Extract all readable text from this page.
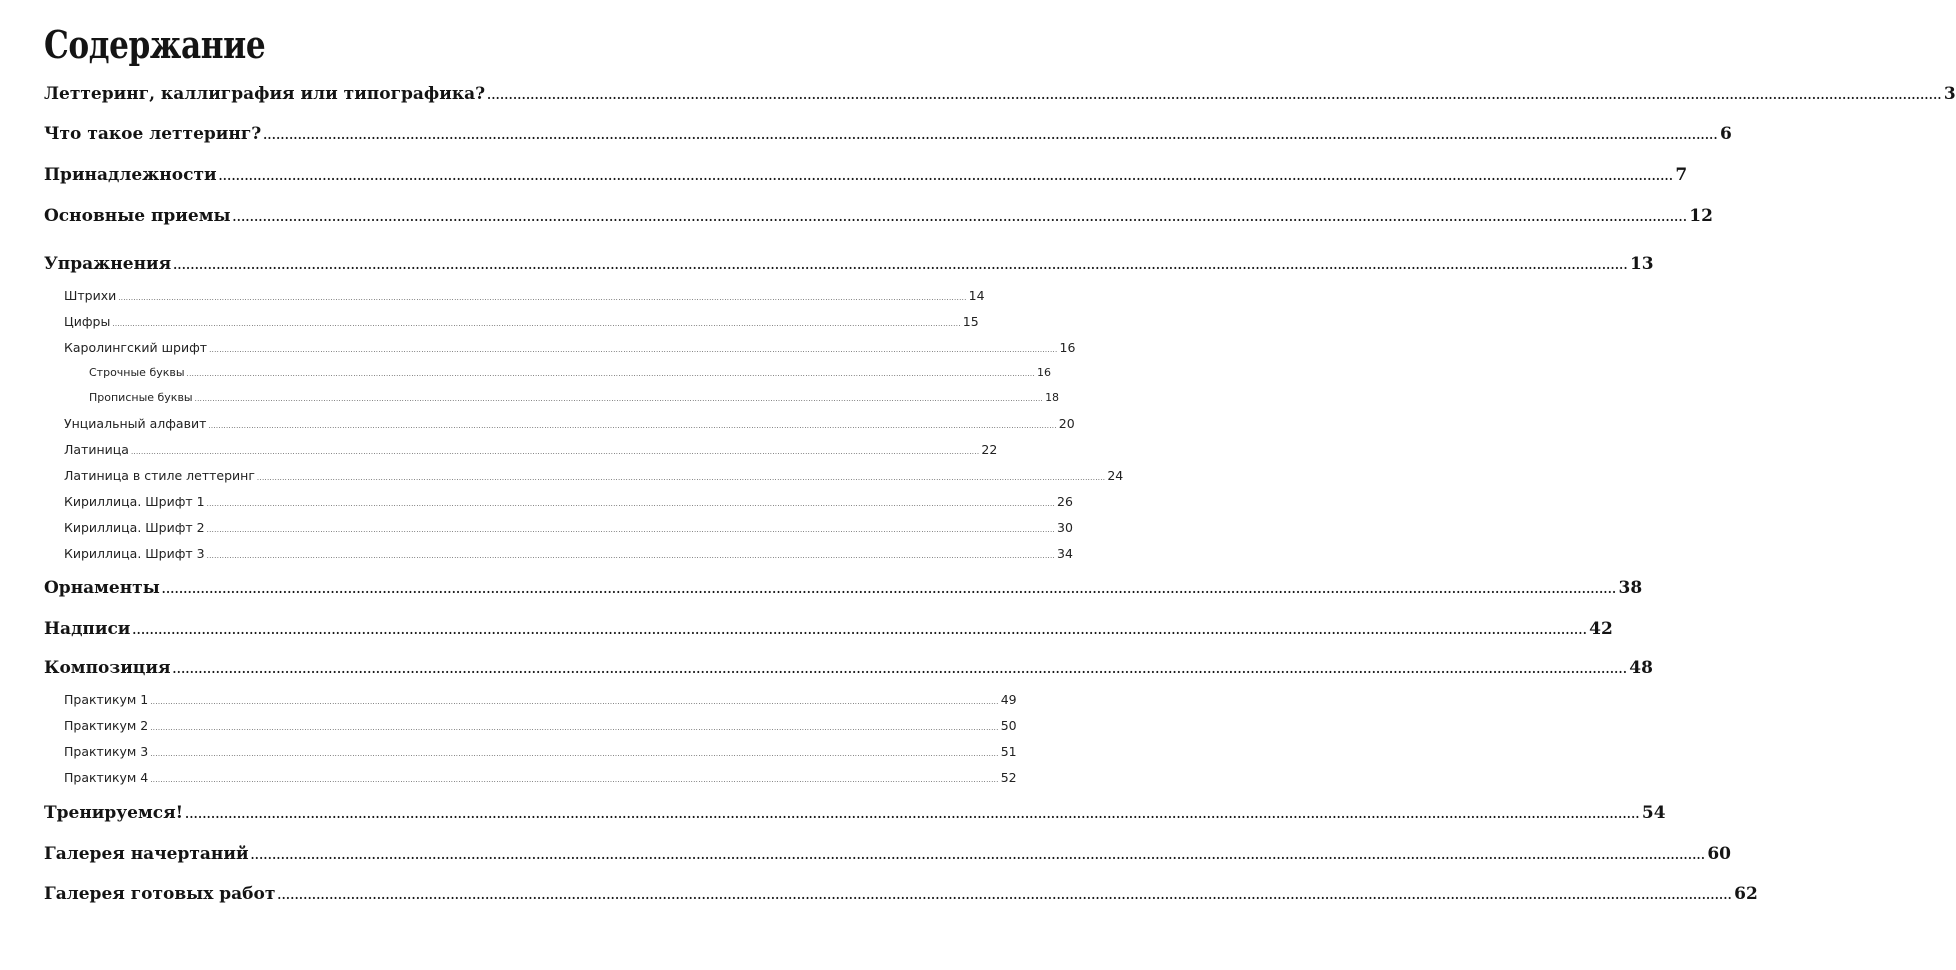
Содержание
Леттеринг, каллиграфия или типографика? ................................................................................................................................................................................................................................................................................................................................................ 3
Что такое леттеринг? ................................................................................................................................................................................................................................................................................................................................................ 6
Принадлежности ................................................................................................................................................................................................................................................................................................................................................ 7
Основные приемы ................................................................................................................................................................................................................................................................................................................................................ 12
Упражнения ................................................................................................................................................................................................................................................................................................................................................ 13
Штрихи ................................................................................................................................................................................................................................................................................................................................................ 14
Цифры ................................................................................................................................................................................................................................................................................................................................................ 15
Каролингский шрифт ................................................................................................................................................................................................................................................................................................................................................ 16
Строчные буквы ................................................................................................................................................................................................................................................................................................................................................ 16
Прописные буквы ................................................................................................................................................................................................................................................................................................................................................ 18
Унциальный алфавит ................................................................................................................................................................................................................................................................................................................................................ 20
Латиница ................................................................................................................................................................................................................................................................................................................................................ 22
Латиница в стиле леттеринг ................................................................................................................................................................................................................................................................................................................................................ 24
Кириллица. Шрифт 1 ................................................................................................................................................................................................................................................................................................................................................ 26
Кириллица. Шрифт 2 ................................................................................................................................................................................................................................................................................................................................................ 30
Кириллица. Шрифт 3 ................................................................................................................................................................................................................................................................................................................................................ 34
Орнаменты ................................................................................................................................................................................................................................................................................................................................................ 38
Надписи ................................................................................................................................................................................................................................................................................................................................................ 42
Композиция ................................................................................................................................................................................................................................................................................................................................................ 48
Практикум 1 ................................................................................................................................................................................................................................................................................................................................................ 49
Практикум 2 ................................................................................................................................................................................................................................................................................................................................................ 50
Практикум 3 ................................................................................................................................................................................................................................................................................................................................................ 51
Практикум 4 ................................................................................................................................................................................................................................................................................................................................................ 52
Тренируемся! ................................................................................................................................................................................................................................................................................................................................................ 54
Галерея начертаний ................................................................................................................................................................................................................................................................................................................................................ 60
Галерея готовых работ ................................................................................................................................................................................................................................................................................................................................................ 62
